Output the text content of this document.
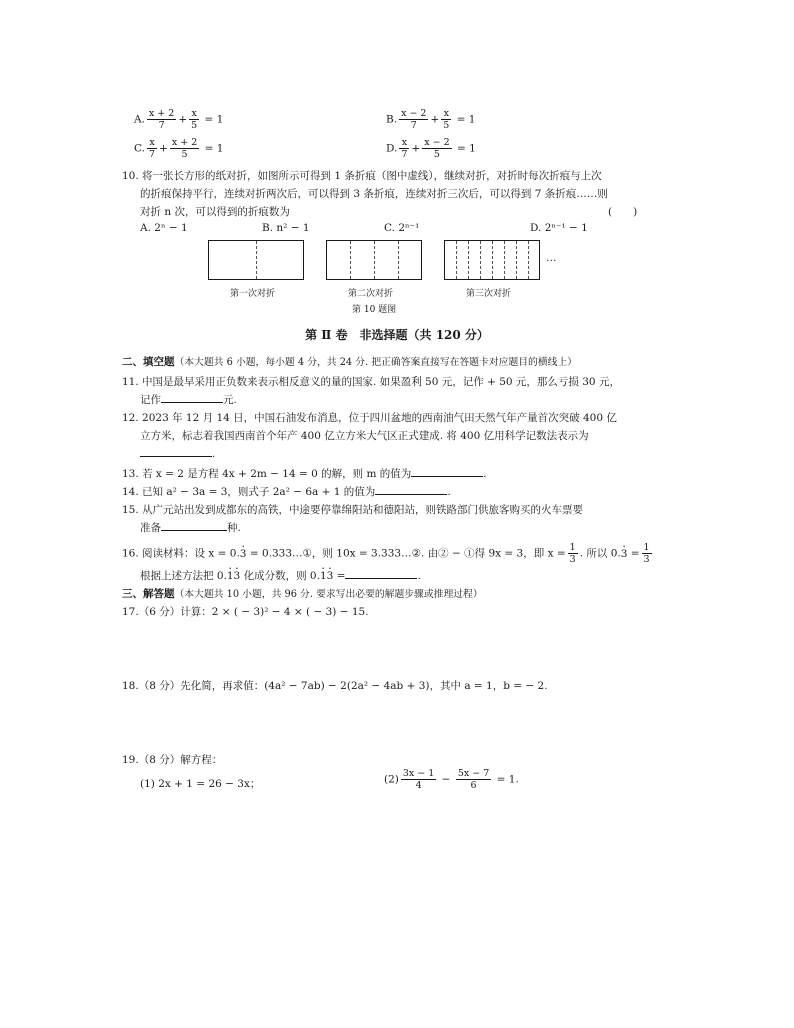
A. $\frac{x + 2}{7} + \frac{x}{5} = 1$	B. $\frac{x - 2}{7} + \frac{x}{5} = 1$
C. $\frac{x}{7} + \frac{x + 2}{5} = 1$	D. $\frac{x}{7} + \frac{x - 2}{5} = 1$
10. 将一张长方形的纸对折，如图所示可得到 1 条折痕（图中虚线），继续对折，对折时每次折痕与上次
的折痕保持平行，连续对折两次后，可以得到 3 条折痕，连续对折三次后，可以得到 7 条折痕……则
对折 n 次，可以得到的折痕数为	(　　)
A. 2ⁿ − 1	B. n² − 1	C. 2ⁿ⁻¹	D. 2ⁿ⁻¹ − 1
…
第一次对折	第二次对折	第三次对折
第 10 题图
第 Ⅱ 卷　非选择题（共 120 分）
二、填空题（本大题共 6 小题，每小题 4 分，共 24 分. 把正确答案直接写在答题卡对应题目的横线上）
11. 中国是最早采用正负数来表示相反意义的量的国家. 如果盈利 50 元，记作 + 50 元，那么亏损 30 元，
记作	元.
12. 2023 年 12 月 14 日，中国石油发布消息，位于四川盆地的西南油气田天然气年产量首次突破 400 亿
立方米，标志着我国西南首个年产 400 亿立方米大气区正式建成. 将 400 亿用科学记数法表示为
.
13. 若 x = 2 是方程 4x + 2m − 14 = 0 的解，则 m 的值为	.
14. 已知 a² − 3a = 3，则式子 2a² − 6a + 1 的值为	.
15. 从广元站出发到成都东的高铁，中途要停靠绵阳站和德阳站，则铁路部门供旅客购买的火车票要
准备	种.
16. 阅读材料：设 x = 0.3 · = 0.333…①，则 10x = 3.333…②. 由② − ①得 9x = 3，即 $x = \frac{1}{3}$ . 所以 0.3 · = $\frac{1}{3}$
根据上述方法把 0.1 ·3 · 化成分数，则 0.1 ·3 · =	.
三、解答题（本大题共 10 小题，共 96 分. 要求写出必要的解题步骤或推理过程）
17.（6 分）计算：2 × ( − 3)² − 4 × ( − 3) − 15.
18.（8 分）先化简，再求值：(4a² − 7ab) − 2(2a² − 4ab + 3)，其中 a = 1，b = − 2.
19.（8 分）解方程：
(1) 2x + 1 = 26 − 3x；	$(2) \frac{3x - 1}{4} - \frac{5x - 7}{6} = 1$.
